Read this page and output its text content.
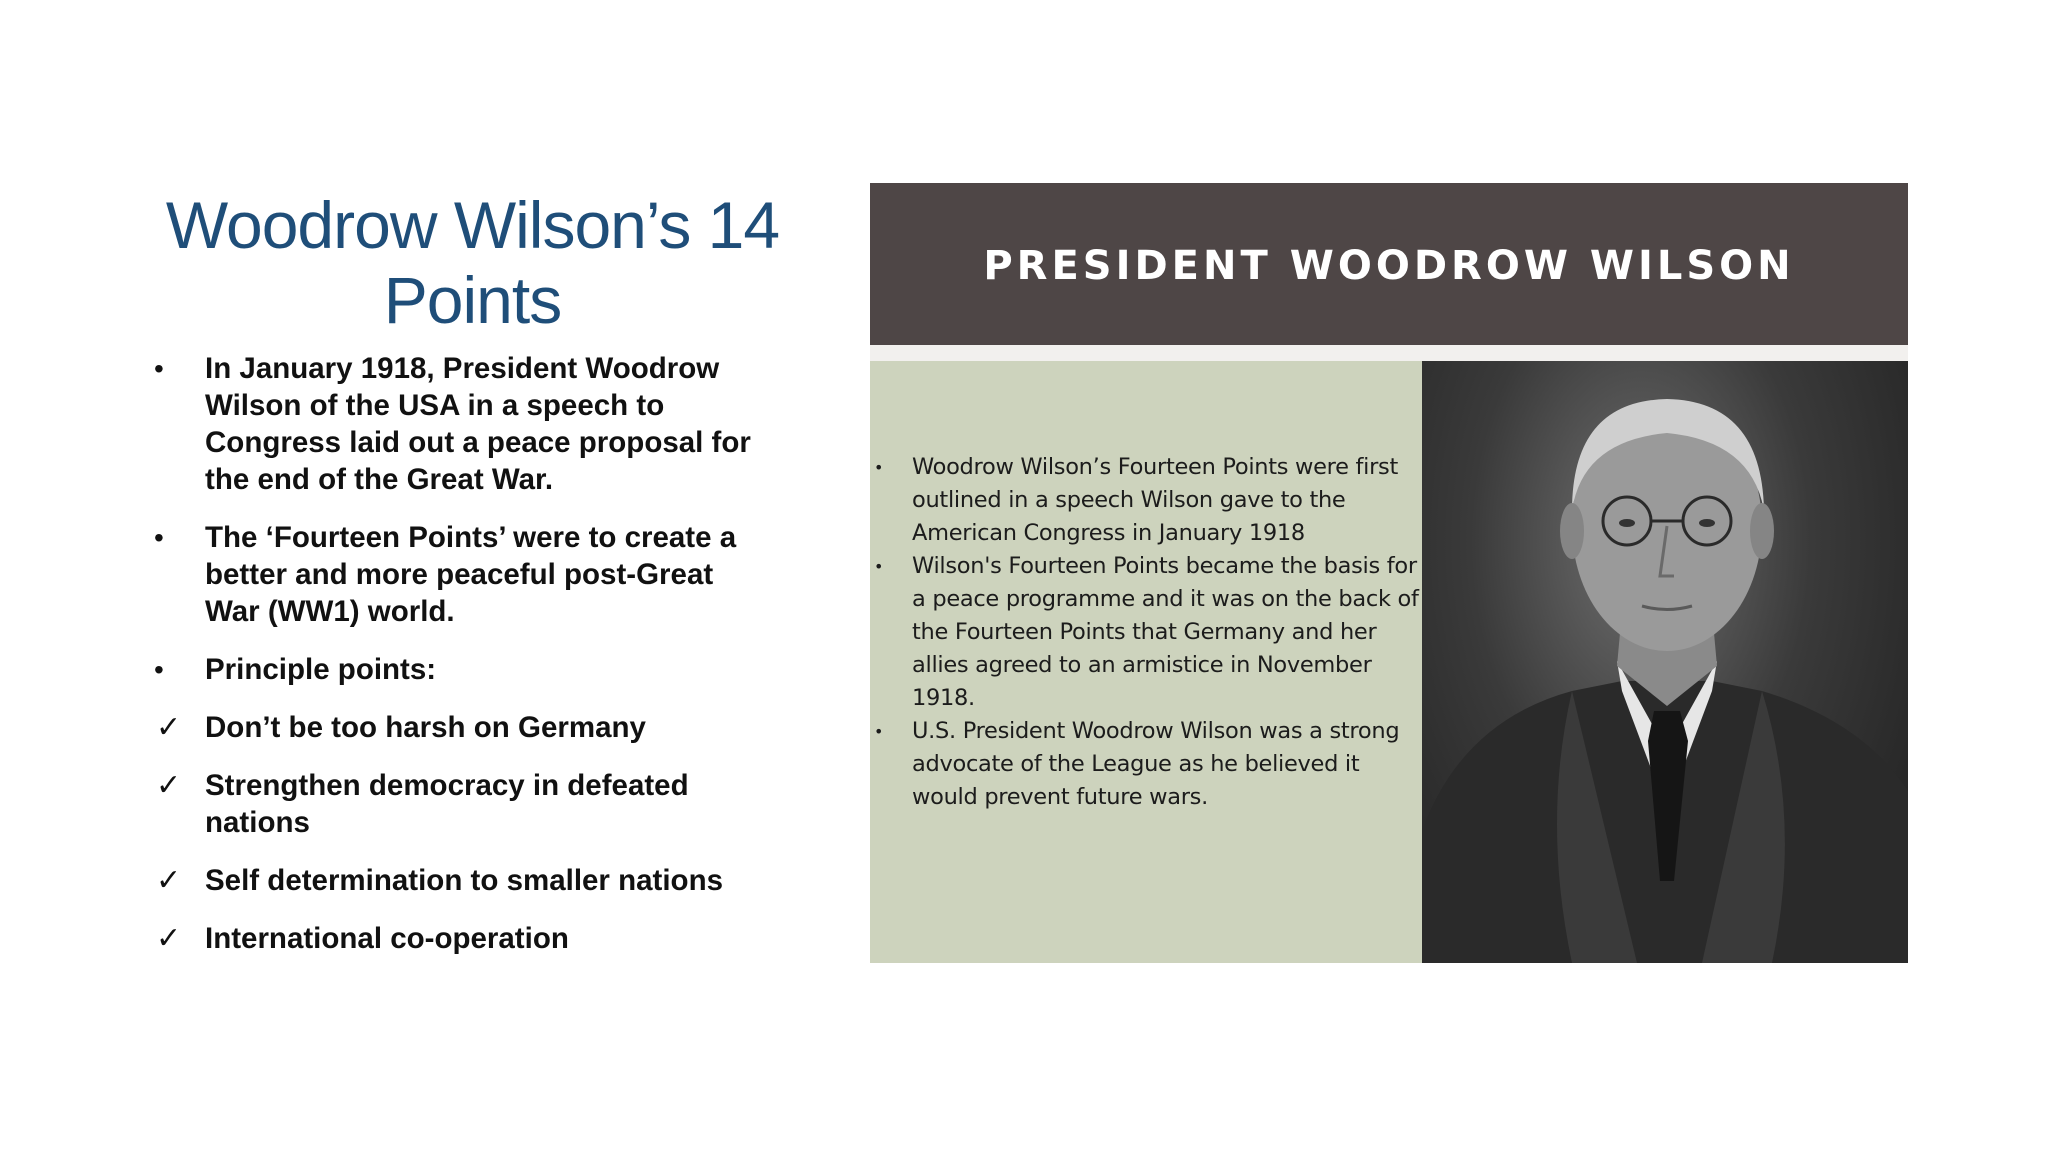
Woodrow Wilson’s 14 Points
•	In January 1918, President Woodrow Wilson of the USA in a speech to Congress laid out a peace proposal for the end of the Great War.
•	The ‘Fourteen Points’ were to create a better and more peaceful post-Great War (WW1) world.
•	Principle points:
✓ Don’t be too harsh on Germany
✓ Strengthen democracy in defeated nations
✓ Self determination to smaller nations
✓ International co-operation
PRESIDENT WOODROW WILSON
• Woodrow Wilson’s Fourteen Points were first outlined in a speech Wilson gave to the American Congress in January 1918
• Wilson's Fourteen Points became the basis for a peace programme and it was on the back of the Fourteen Points that Germany and her allies agreed to an armistice in November 1918.
• U.S. President Woodrow Wilson was a strong advocate of the League as he believed it would prevent future wars.
